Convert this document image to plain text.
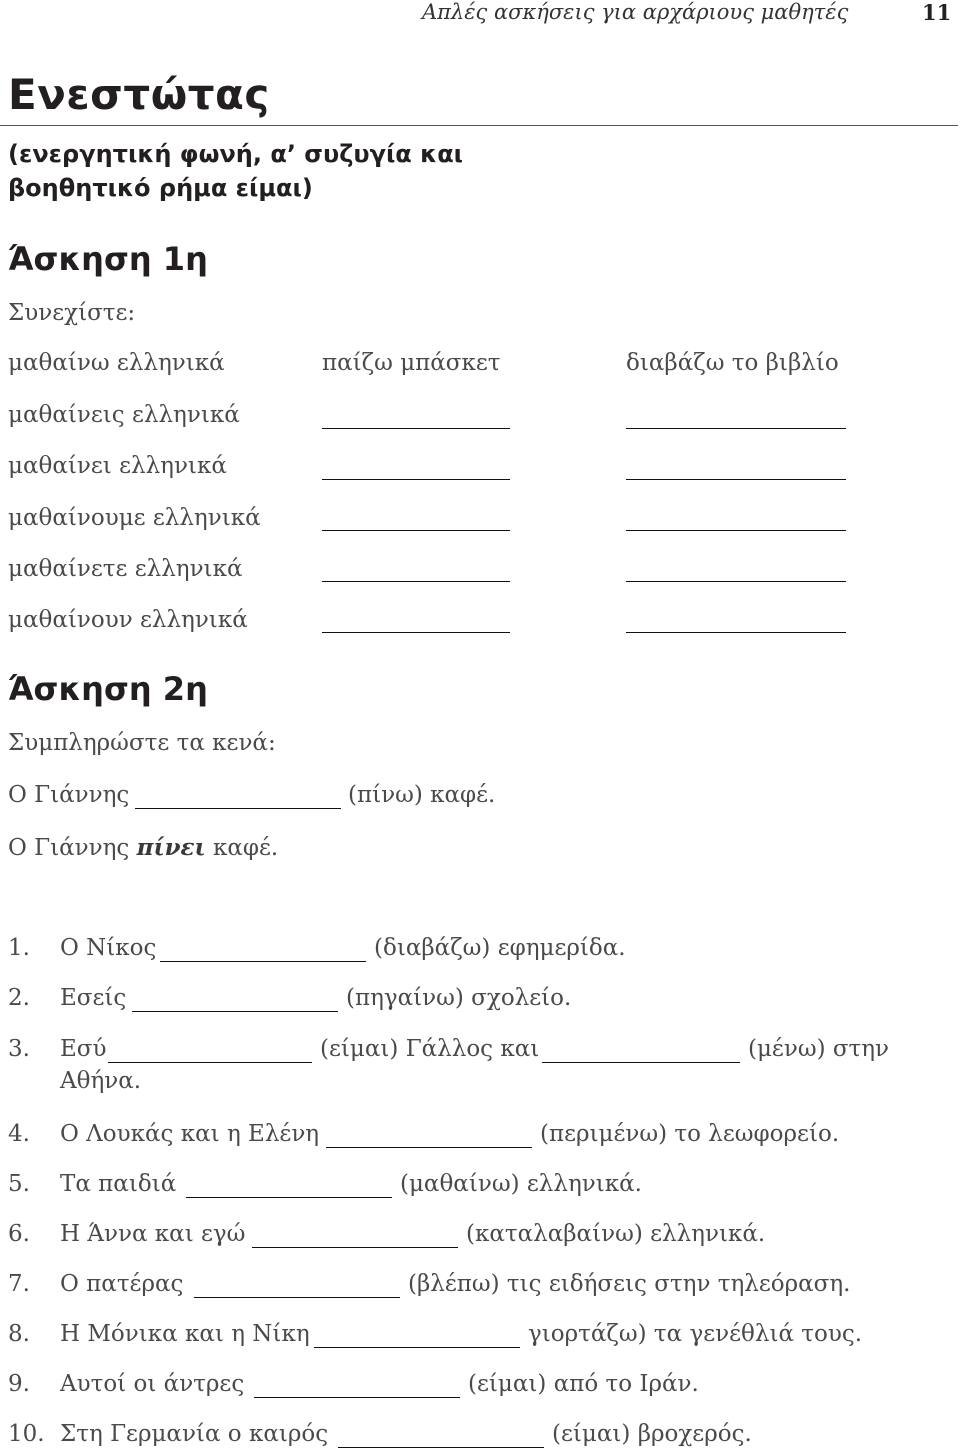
Απλές ασκήσεις για αρχάριους μαθητές	11
Ενεστώτας
(ενεργητική φωνή, α’ συζυγία και
βοηθητικό ρήμα είμαι)
Άσκηση 1η
Συνεχίστε:
μαθαίνω ελληνικά	παίζω μπάσκετ	διαβάζω το βιβλίο
μαθαίνεις ελληνικά
μαθαίνει ελληνικά
μαθαίνουμε ελληνικά
μαθαίνετε ελληνικά
μαθαίνουν ελληνικά
Άσκηση 2η
Συμπληρώστε τα κενά:
Ο Γιάννης	(πίνω) καφέ.
Ο Γιάννης πίνει καφέ.
1. Ο Νίκος	(διαβάζω) εφημερίδα.
2. Εσείς	(πηγαίνω) σχολείο.
3. Εσύ	(είμαι) Γάλλος και	(μένω) στην
Αθήνα.
4. Ο Λουκάς και η Ελένη	(περιμένω) το λεωφορείο.
5. Τα παιδιά	(μαθαίνω) ελληνικά.
6. Η Άννα και εγώ	(καταλαβαίνω) ελληνικά.
7. Ο πατέρας	(βλέπω) τις ειδήσεις στην τηλεόραση.
8. Η Μόνικα και η Νίκη	γιορτάζω) τα γενέθλιά τους.
9. Αυτοί οι άντρες	(είμαι) από το Ιράν.
10. Στη Γερμανία ο καιρός	(είμαι) βροχερός.
